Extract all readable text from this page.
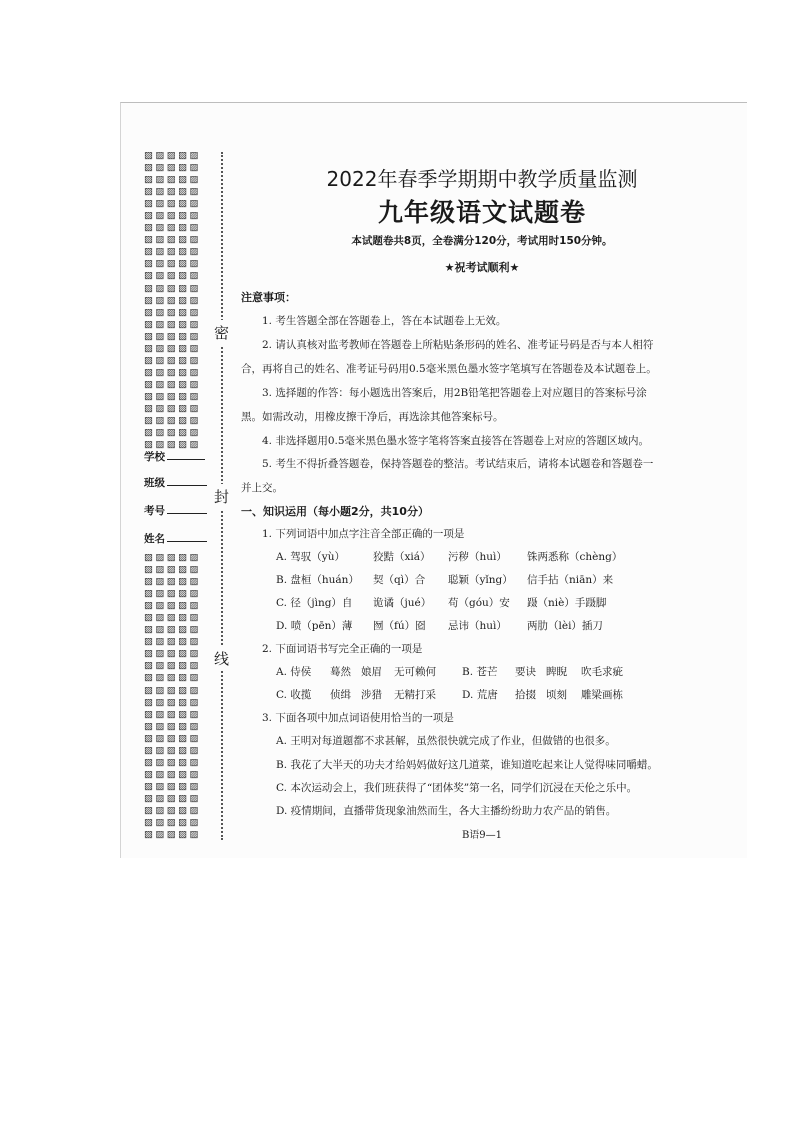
▨▨▨▨▨
▨▨▨▨▨
▨▨▨▨▨
▨▨▨▨▨
▨▨▨▨▨
▨▨▨▨▨
▨▨▨▨▨
▨▨▨▨▨
▨▨▨▨▨
▨▨▨▨▨
▨▨▨▨▨
▨▨▨▨▨
▨▨▨▨▨
▨▨▨▨▨
▨▨▨▨▨
▨▨▨▨▨
▨▨▨▨▨
▨▨▨▨▨
▨▨▨▨▨
▨▨▨▨▨
▨▨▨▨▨
▨▨▨▨▨
▨▨▨▨▨
▨▨▨▨▨
▨▨▨▨▨
▨▨▨▨▨
▨▨▨▨▨
▨▨▨▨▨
▨▨▨▨▨
▨▨▨▨▨
▨▨▨▨▨
▨▨▨▨▨
▨▨▨▨▨
▨▨▨▨▨
▨▨▨▨▨
▨▨▨▨▨
▨▨▨▨▨
▨▨▨▨▨
▨▨▨▨▨
▨▨▨▨▨
▨▨▨▨▨
▨▨▨▨▨
▨▨▨▨▨
▨▨▨▨▨
▨▨▨▨▨
▨▨▨▨▨
▨▨▨▨▨
▨▨▨▨▨
▨▨▨▨▨
密
封
线
学校
班级
考号
姓名
2022年春季学期期中教学质量监测
九年级语文试题卷
本试题卷共8页，全卷满分120分，考试用时150分钟。
★祝考试顺利★
注意事项：
1. 考生答题全部在答题卷上，答在本试题卷上无效。
2. 请认真核对监考教师在答题卷上所粘贴条形码的姓名、准考证号码是否与本人相符
合，再将自己的姓名、准考证号码用0.5毫米黑色墨水签字笔填写在答题卷及本试题卷上。
3. 选择题的作答：每小题选出答案后，用2B铅笔把答题卷上对应题目的答案标号涂
黑。如需改动，用橡皮擦干净后，再选涂其他答案标号。
4. 非选择题用0.5毫米黑色墨水签字笔将答案直接答在答题卷上对应的答题区域内。
5. 考生不得折叠答题卷，保持答题卷的整洁。考试结束后，请将本试题卷和答题卷一
并上交。
一、知识运用（每小题2分，共10分）
1. 下列词语中加点字注音全部正确的一项是
A. 驾驭（yù）	狡黠（xiá） 污秽（huì） 铢两悉称（chèng）
B. 盘桓（huán） 契（qì）合 聪颖（yǐng） 信手拈（niān）来
C. 径（jìng）自 诡谲（jué） 苟（góu）安 蹑（niè）手蹑脚
D. 喷（pēn）薄 囫（fú）囵 忌讳（huì） 两肋（lèi）插刀
2. 下面词语书写完全正确的一项是
A. 侍侯 蓦然 娘眉 无可赖何 B. 苍芒 要诀 睥睨 吹毛求疵
C. 收揽 侦缉 涉猎 无精打采 D. 荒唐 拾掇 顷刻 雕梁画栋
3. 下面各项中加点词语使用恰当的一项是
A. 王明对每道题都不求甚解，虽然很快就完成了作业，但做错的也很多。
B. 我花了大半天的功夫才给妈妈做好这几道菜，谁知道吃起来让人觉得味同嚼蜡。
C. 本次运动会上，我们班获得了“团体奖”第一名，同学们沉浸在天伦之乐中。
D. 疫情期间，直播带货现象油然而生，各大主播纷纷助力农产品的销售。
B语9—1
